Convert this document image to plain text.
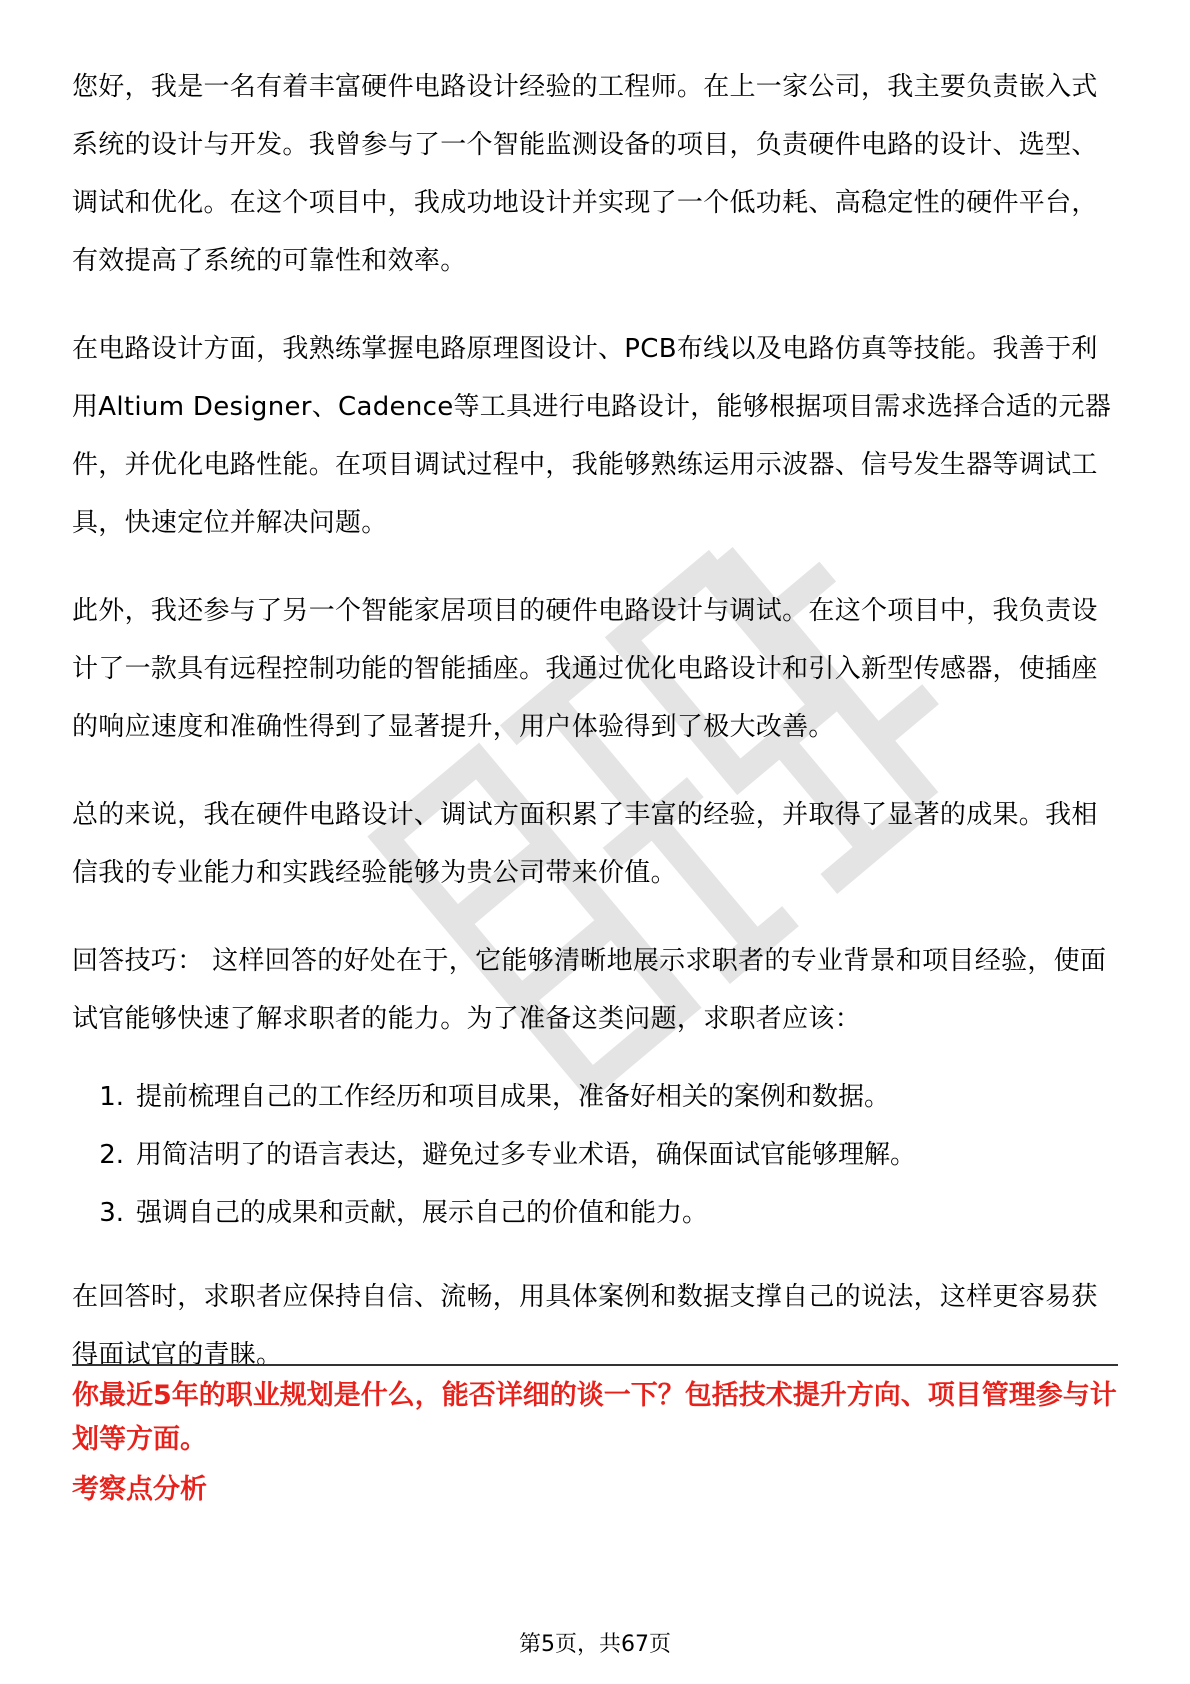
您好，我是一名有着丰富硬件电路设计经验的工程师。在上一家公司，我主要负责嵌入式系统的设计与开发。我曾参与了一个智能监测设备的项目，负责硬件电路的设计、选型、调试和优化。在这个项目中，我成功地设计并实现了一个低功耗、高稳定性的硬件平台，有效提高了系统的可靠性和效率。

在电路设计方面，我熟练掌握电路原理图设计、PCB布线以及电路仿真等技能。我善于利用Altium Designer、Cadence等工具进行电路设计，能够根据项目需求选择合适的元器件，并优化电路性能。在项目调试过程中，我能够熟练运用示波器、信号发生器等调试工具，快速定位并解决问题。

此外，我还参与了另一个智能家居项目的硬件电路设计与调试。在这个项目中，我负责设计了一款具有远程控制功能的智能插座。我通过优化电路设计和引入新型传感器，使插座的响应速度和准确性得到了显著提升，用户体验得到了极大改善。

总的来说，我在硬件电路设计、调试方面积累了丰富的经验，并取得了显著的成果。我相信我的专业能力和实践经验能够为贵公司带来价值。

回答技巧： 这样回答的好处在于，它能够清晰地展示求职者的专业背景和项目经验，使面试官能够快速了解求职者的能力。为了准备这类问题，求职者应该：

1. 提前梳理自己的工作经历和项目成果，准备好相关的案例和数据。
2. 用简洁明了的语言表达，避免过多专业术语，确保面试官能够理解。
3. 强调自己的成果和贡献，展示自己的价值和能力。

在回答时，求职者应保持自信、流畅，用具体案例和数据支撑自己的说法，这样更容易获得面试官的青睐。

你最近5年的职业规划是什么，能否详细的谈一下？包括技术提升方向、项目管理参与计划等方面。
考察点分析
第5页，共67页
